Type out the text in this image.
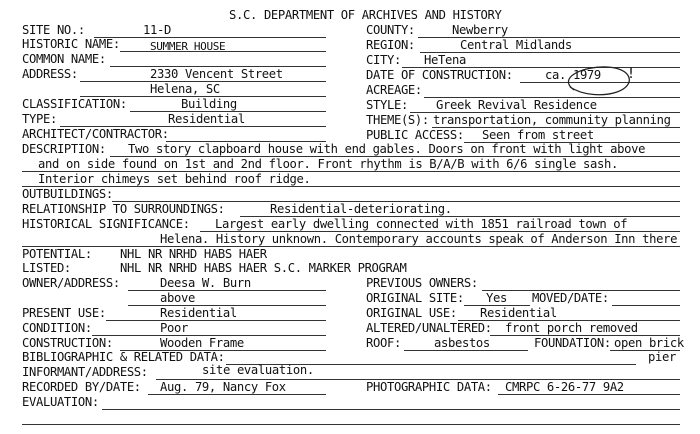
S.C. DEPARTMENT OF ARCHIVES AND HISTORY
SITE NO.:	11-D
HISTORIC NAME:	SUMMER HOUSE
COMMON NAME:
ADDRESS:	2330 Vencent Street
Helena, SC
CLASSIFICATION:	Building
TYPE:	Residential
ARCHITECT/CONTRACTOR:
COUNTY:	Newberry
REGION:	Central Midlands
CITY: HeTena
DATE OF CONSTRUCTION:	ca. 1979 !
ACREAGE:
STYLE: Greek Revival Residence
THEME(S): transportation, community planning
PUBLIC ACCESS: Seen from street
DESCRIPTION: Two story clapboard house with end gables. Doors on front with light above
and on side found on 1st and 2nd floor. Front rhythm is B/A/B with 6/6 single sash.
Interior chimeys set behind roof ridge.
OUTBUILDINGS:
RELATIONSHIP TO SURROUNDINGS:	Residential-deteriorating.
HISTORICAL SIGNIFICANCE: Largest early dwelling connected with 1851 railroad town of
Helena. History unknown. Contemporary accounts speak of Anderson Inn there
POTENTIAL: NHL NR NRHD HABS HAER
LISTED:	NHL NR NRHD HABS HAER S.C. MARKER PROGRAM
OWNER/ADDRESS:	Deesa W. Burn
above
PREVIOUS OWNERS:
ORIGINAL SITE: Yes MOVED/DATE:
PRESENT USE:	Residential	ORIGINAL USE: Residential
CONDITION:	Poor	ALTERED/UNALTERED: front porch removed
CONSTRUCTION:	Wooden Frame	ROOF:	asbestos	FOUNDATION: open brick
pier
BIBLIOGRAPHIC & RELATED DATA:
INFORMANT/ADDRESS:	site evaluation.
RECORDED BY/DATE: Aug. 79, Nancy Fox	PHOTOGRAPHIC DATA: CMRPC 6-26-77 9A2
EVALUATION:
